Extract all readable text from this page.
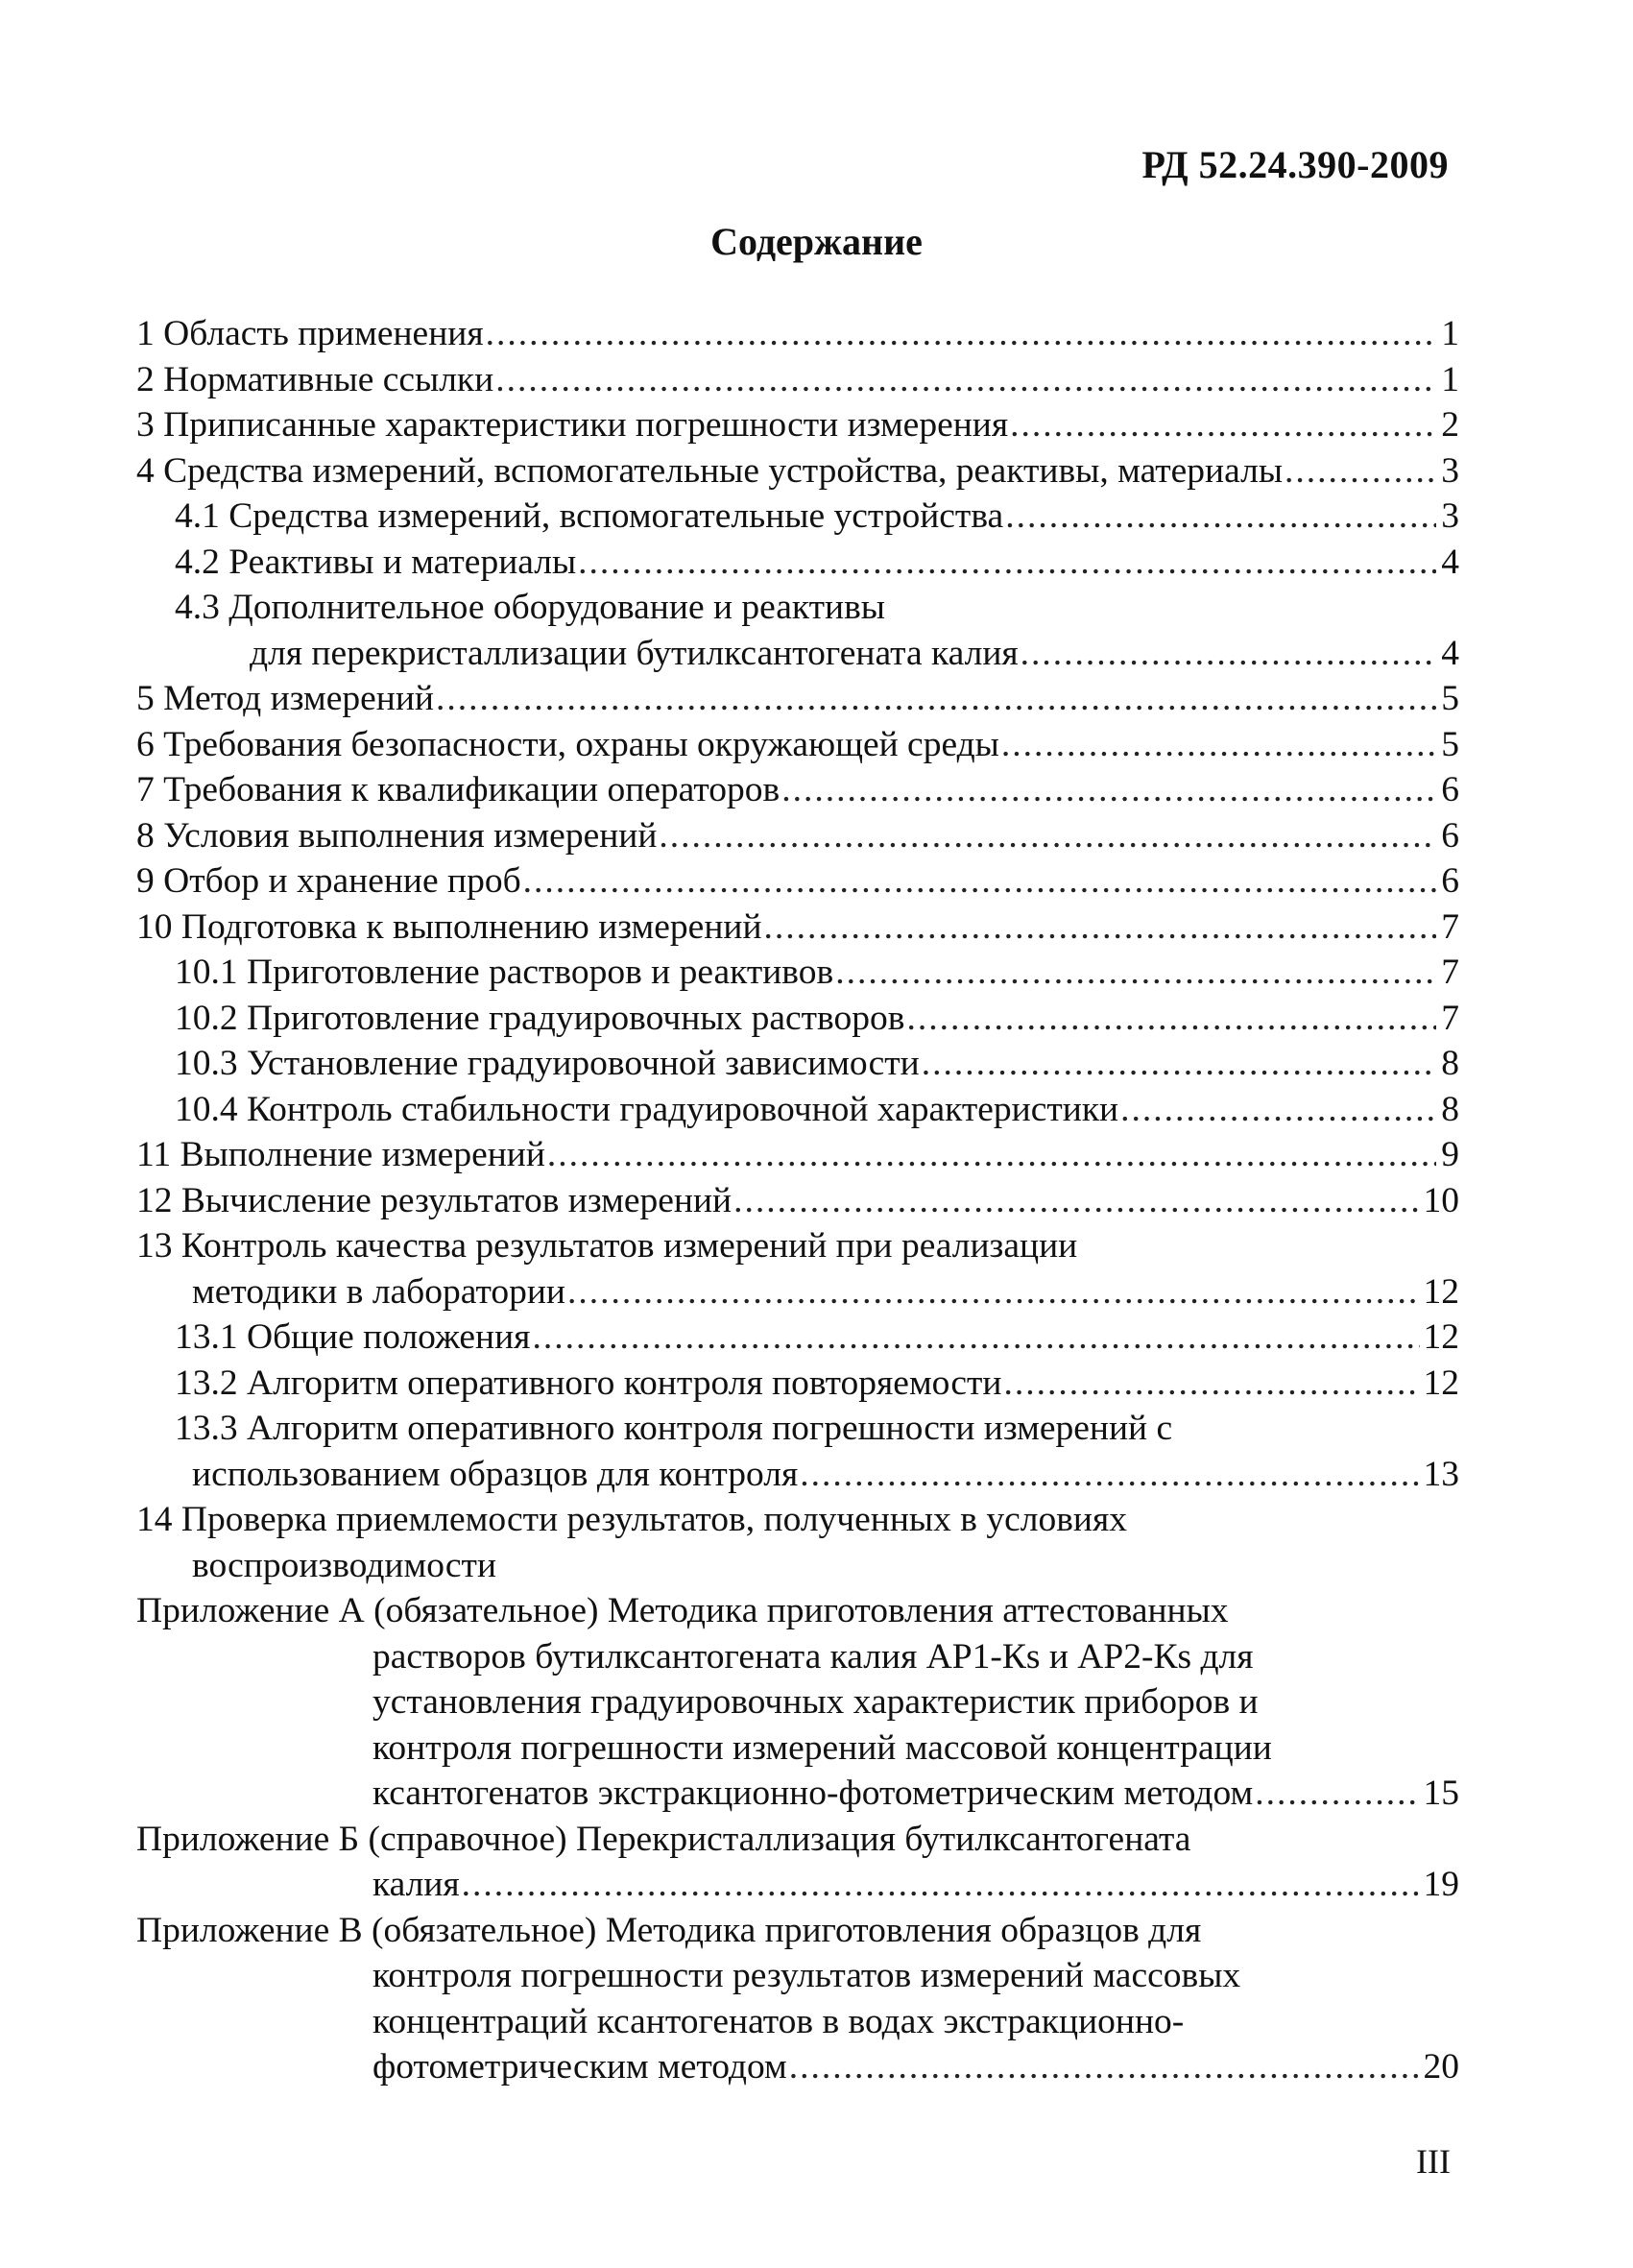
РД 52.24.390-2009
Содержание
1 Область применения .....	1
2 Нормативные ссылки .....	1
3 Приписанные характеристики погрешности измерения .....	2
4 Средства измерений, вспомогательные устройства, реактивы, материалы .....	3
4.1 Средства измерений, вспомогательные устройства .....	3
4.2 Реактивы и материалы .....	4
4.3 Дополнительное оборудование и реактивы
для перекристаллизации бутилксантогената калия .....	4
5 Метод измерений .....	5
6 Требования безопасности, охраны окружающей среды .....	5
7 Требования к квалификации операторов .....	6
8 Условия выполнения измерений .....	6
9 Отбор и хранение проб .....	6
10 Подготовка к выполнению измерений .....	7
10.1 Приготовление растворов и реактивов .....	7
10.2 Приготовление градуировочных растворов .....	7
10.3 Установление градуировочной зависимости .....	8
10.4 Контроль стабильности градуировочной характеристики .....	8
11 Выполнение измерений .....	9
12 Вычисление результатов измерений .....	10
13 Контроль качества результатов измерений при реализации
методики в лаборатории .....	12
13.1 Общие положения .....	12
13.2 Алгоритм оперативного контроля повторяемости .....	12
13.3 Алгоритм оперативного контроля погрешности измерений с
использованием образцов для контроля .....	13
14 Проверка приемлемости результатов, полученных в условиях
воспроизводимости
Приложение А (обязательное) Методика приготовления аттестованных
растворов бутилксантогената калия АР1-Кs и АР2-Кs для
установления градуировочных характеристик приборов и
контроля погрешности измерений массовой концентрации
ксантогенатов экстракционно-фотометрическим методом .....	15
Приложение Б (справочное) Перекристаллизация бутилксантогената
калия .....	19
Приложение В (обязательное) Методика приготовления образцов для
контроля погрешности результатов измерений массовых
концентраций ксантогенатов в водах экстракционно-
фотометрическим методом .....	20
III
